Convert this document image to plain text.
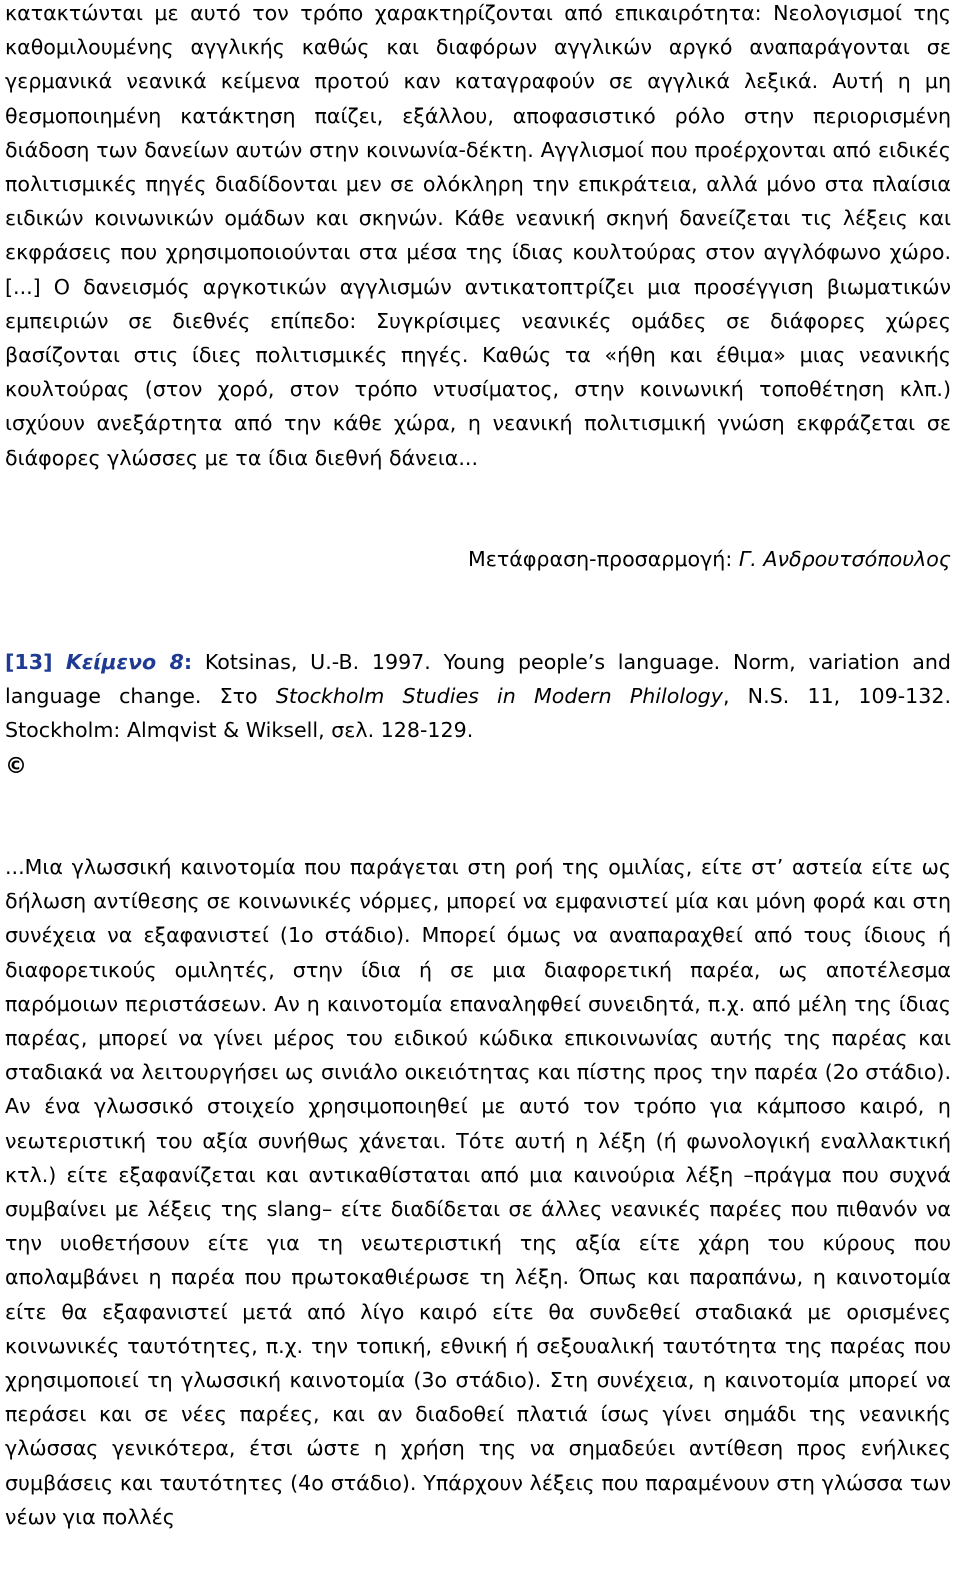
κατακτώνται με αυτό τον τρόπο χαρακτηρίζονται από επικαιρότητα: Νεολογισμοί της καθομιλουμένης αγγλικής καθώς και διαφόρων αγγλικών αργκό αναπαράγονται σε γερμανικά νεανικά κείμενα προτού καν καταγραφούν σε αγγλικά λεξικά. Αυτή η μη θεσμοποιημένη κατάκτηση παίζει, εξάλλου, αποφασιστικό ρόλο στην περιορισμένη διάδοση των δανείων αυτών στην κοινωνία-δέκτη. Αγγλισμοί που προέρχονται από ειδικές πολιτισμικές πηγές διαδίδονται μεν σε ολόκληρη την επικράτεια, αλλά μόνο στα πλαίσια ειδικών κοινωνικών ομάδων και σκηνών. Κάθε νεανική σκηνή δανείζεται τις λέξεις και εκφράσεις που χρησιμοποιούνται στα μέσα της ίδιας κουλτούρας στον αγγλόφωνο χώρο. [...] Ο δανεισμός αργκοτικών αγγλισμών αντικατοπτρίζει μια προσέγγιση βιωματικών εμπειριών σε διεθνές επίπεδο: Συγκρίσιμες νεανικές ομάδες σε διάφορες χώρες βασίζονται στις ίδιες πολιτισμικές πηγές. Καθώς τα «ήθη και έθιμα» μιας νεανικής κουλτούρας (στον χορό, στον τρόπο ντυσίματος, στην κοινωνική τοποθέτηση κλπ.) ισχύουν ανεξάρτητα από την κάθε χώρα, η νεανική πολιτισμική γνώση εκφράζεται σε διάφορες γλώσσες με τα ίδια διεθνή δάνεια...

Μετάφραση-προσαρμογή: Γ. Ανδρουτσόπουλος

[13] Κείμενο 8: Kotsinas, U.-B. 1997. Young people’s language. Norm, variation and language change. Στο Stockholm Studies in Modern Philology, N.S. 11, 109-132. Stockholm: Almqvist & Wiksell, σελ. 128-129.

©

...Μια γλωσσική καινοτομία που παράγεται στη ροή της ομιλίας, είτε στ’ αστεία είτε ως δήλωση αντίθεσης σε κοινωνικές νόρμες, μπορεί να εμφανιστεί μία και μόνη φορά και στη συνέχεια να εξαφανιστεί (1ο στάδιο). Μπορεί όμως να αναπαραχθεί από τους ίδιους ή διαφορετικούς ομιλητές, στην ίδια ή σε μια διαφορετική παρέα, ως αποτέλεσμα παρόμοιων περιστάσεων. Αν η καινοτομία επαναληφθεί συνειδητά, π.χ. από μέλη της ίδιας παρέας, μπορεί να γίνει μέρος του ειδικού κώδικα επικοινωνίας αυτής της παρέας και σταδιακά να λειτουργήσει ως σινιάλο οικειότητας και πίστης προς την παρέα (2ο στάδιο). Αν ένα γλωσσικό στοιχείο χρησιμοποιηθεί με αυτό τον τρόπο για κάμποσο καιρό, η νεωτεριστική του αξία συνήθως χάνεται. Τότε αυτή η λέξη (ή φωνολογική εναλλακτική κτλ.) είτε εξαφανίζεται και αντικαθίσταται από μια καινούρια λέξη –πράγμα που συχνά συμβαίνει με λέξεις της slang– είτε διαδίδεται σε άλλες νεανικές παρέες που πιθανόν να την υιοθετήσουν είτε για τη νεωτεριστική της αξία είτε χάρη του κύρους που απολαμβάνει η παρέα που πρωτοκαθιέρωσε τη λέξη. Όπως και παραπάνω, η καινοτομία είτε θα εξαφανιστεί μετά από λίγο καιρό είτε θα συνδεθεί σταδιακά με ορισμένες κοινωνικές ταυτότητες, π.χ. την τοπική, εθνική ή σεξουαλική ταυτότητα της παρέας που χρησιμοποιεί τη γλωσσική καινοτομία (3ο στάδιο). Στη συνέχεια, η καινοτομία μπορεί να περάσει και σε νέες παρέες, και αν διαδοθεί πλατιά ίσως γίνει σημάδι της νεανικής γλώσσας γενικότερα, έτσι ώστε η χρήση της να σημαδεύει αντίθεση προς ενήλικες συμβάσεις και ταυτότητες (4ο στάδιο). Υπάρχουν λέξεις που παραμένουν στη γλώσσα των νέων για πολλές
